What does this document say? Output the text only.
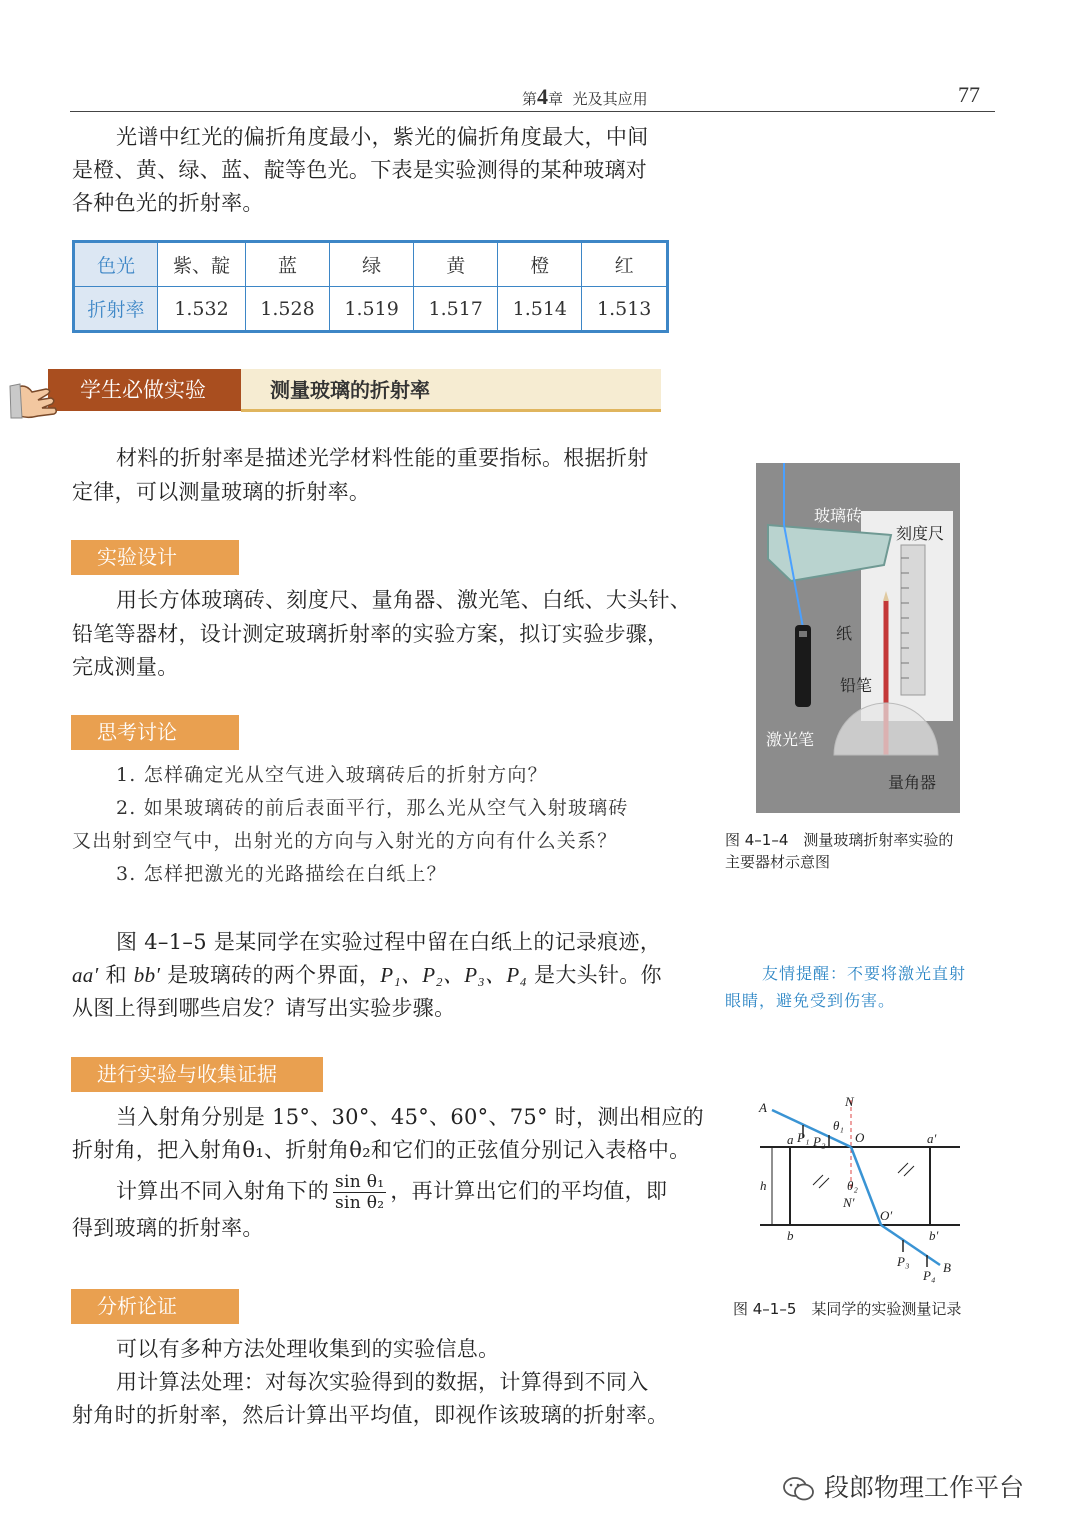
第4章 光及其应用	77
光谱中红光的偏折角度最小，紫光的偏折角度最大，中间
是橙、黄、绿、蓝、靛等色光。下表是实验测得的某种玻璃对
各种色光的折射率。
色光	紫、靛	蓝	绿	黄	橙	红
折射率	1.532	1.528	1.519	1.517	1.514	1.513
学生必做实验	测量玻璃的折射率
材料的折射率是描述光学材料性能的重要指标。根据折射
定律，可以测量玻璃的折射率。
实验设计
用长方体玻璃砖、刻度尺、量角器、激光笔、白纸、大头针、
铅笔等器材，设计测定玻璃折射率的实验方案，拟订实验步骤，
完成测量。
思考讨论
1. 怎样确定光从空气进入玻璃砖后的折射方向？
2. 如果玻璃砖的前后表面平行，那么光从空气入射玻璃砖
又出射到空气中，出射光的方向与入射光的方向有什么关系？
3. 怎样把激光的光路描绘在白纸上？
图 4–1–5 是某同学在实验过程中留在白纸上的记录痕迹，
aa′ 和 bb′ 是玻璃砖的两个界面，P₁、P₂、P₃、P₄ 是大头针。你
从图上得到哪些启发？请写出实验步骤。
进行实验与收集证据
当入射角分别是 15°、30°、45°、60°、75° 时，测出相应的
折射角，把入射角θ₁、折射角θ₂和它们的正弦值分别记入表格中。
计算出不同入射角下的 $\frac{\text{sin θ₁}}{\text{sin θ₂}}$ ，再计算出它们的平均值，即
得到玻璃的折射率。
分析论证
可以有多种方法处理收集到的实验信息。
用计算法处理：对每次实验得到的数据，计算得到不同入
射角时的折射率，然后计算出平均值，即视作该玻璃的折射率。
玻璃砖
刻度尺
纸
铅笔
激光笔
量角器
图 4–1–4　测量玻璃折射率实验的
主要器材示意图
友情提醒：不要将激光直射
眼睛，避免受到伤害。
A	N
θ₁
a P₁ P₂ O	a′
h	θ₂
N′
O′
b	b′
P₃
P₄
B
图 4–1–5　某同学的实验测量记录
段郎物理工作平台
